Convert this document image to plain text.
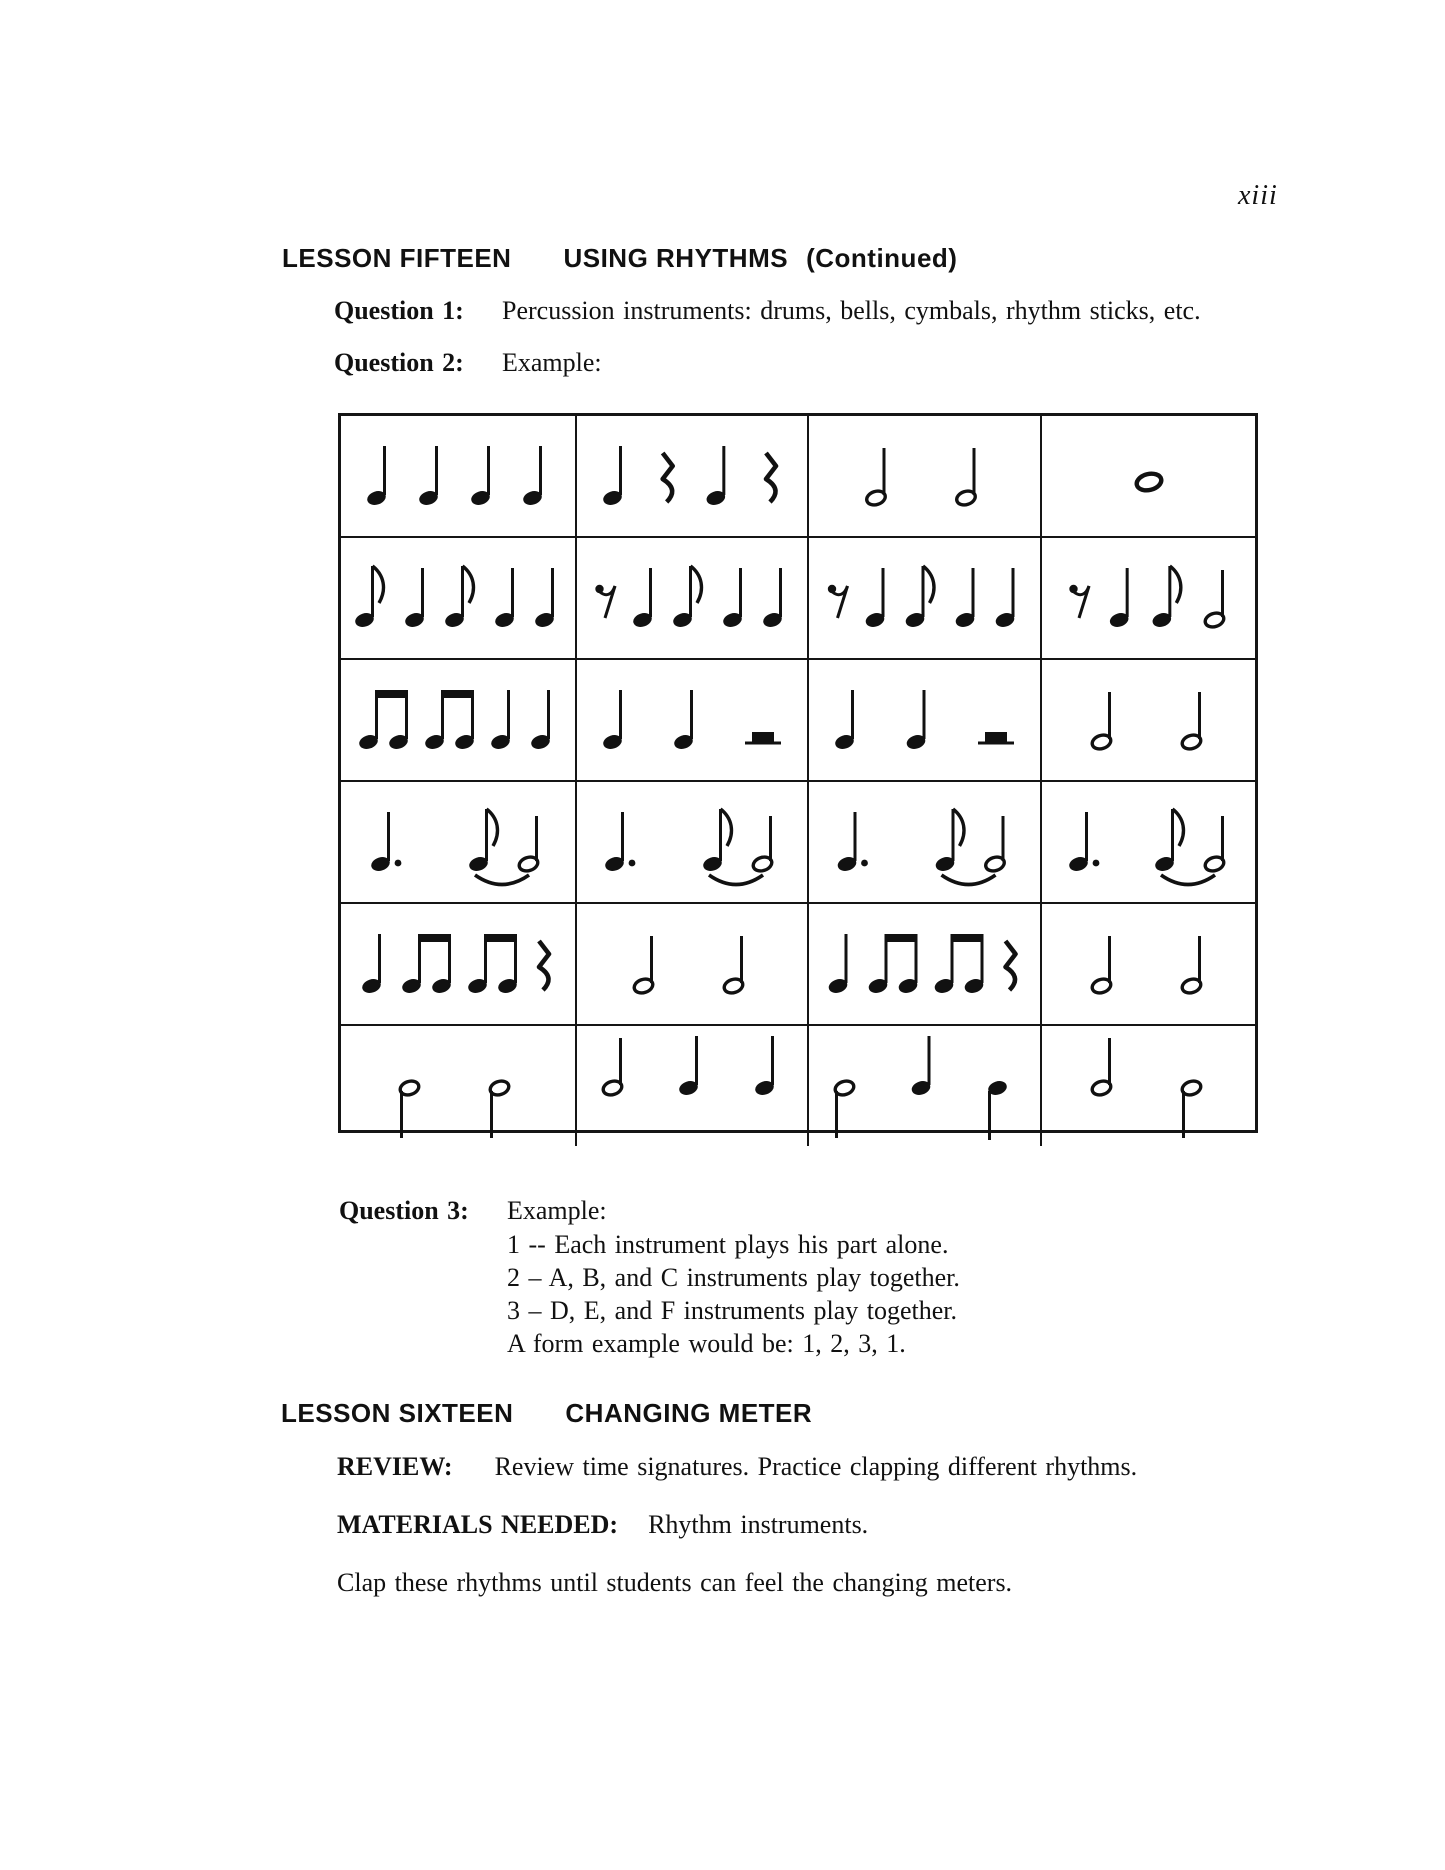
xiii
LESSON FIFTEEN USING RHYTHMS (Continued)
Question 1: Percussion instruments: drums, bells, cymbals, rhythm sticks, etc.
Question 2: Example:
Question 3: Example:
1 -- Each instrument plays his part alone.
2 – A, B, and C instruments play together.
3 – D, E, and F instruments play together.
A form example would be: 1, 2, 3, 1.
LESSON SIXTEEN CHANGING METER
REVIEW: Review time signatures. Practice clapping different rhythms.
MATERIALS NEEDED: Rhythm instruments.
Clap these rhythms until students can feel the changing meters.
